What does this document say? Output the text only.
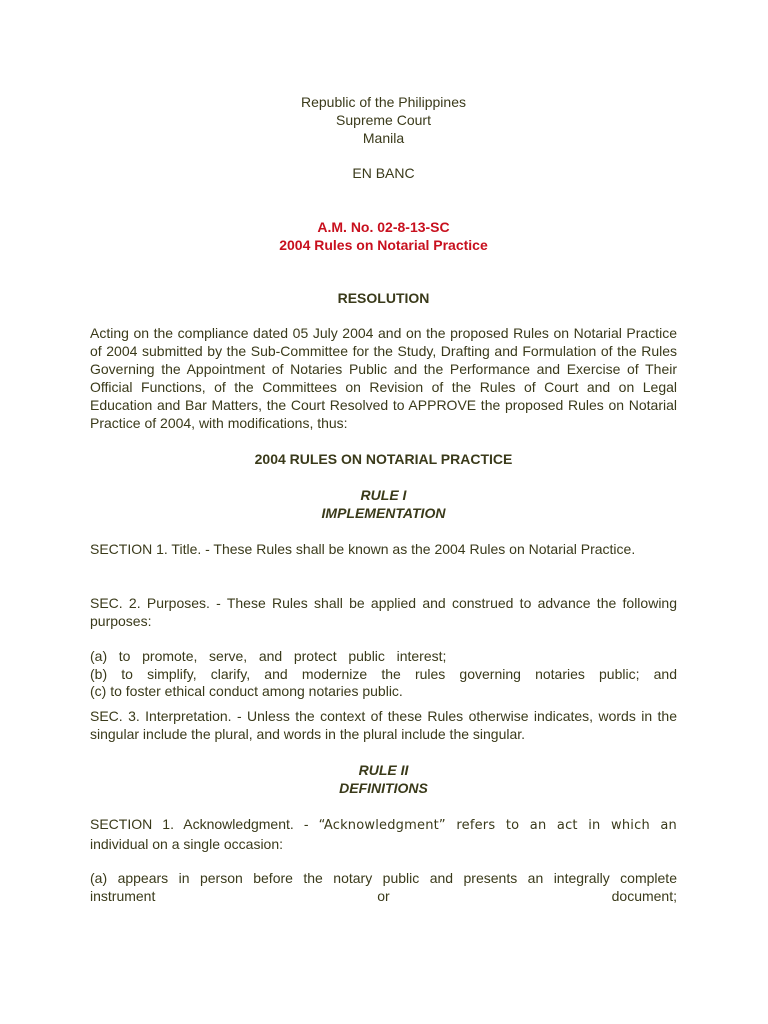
Republic of the Philippines
Supreme Court
Manila
EN BANC
A.M. No. 02-8-13-SC
2004 Rules on Notarial Practice
RESOLUTION
Acting on the compliance dated 05 July 2004 and on the proposed Rules on Notarial Practice of 2004 submitted by the Sub-Committee for the Study, Drafting and Formulation of the Rules Governing the Appointment of Notaries Public and the Performance and Exercise of Their Official Functions, of the Committees on Revision of the Rules of Court and on Legal Education and Bar Matters, the Court Resolved to APPROVE the proposed Rules on Notarial Practice of 2004, with modifications, thus:
2004 RULES ON NOTARIAL PRACTICE
RULE I
IMPLEMENTATION
SECTION 1. Title. - These Rules shall be known as the 2004 Rules on Notarial Practice.
SEC. 2. Purposes. - These Rules shall be applied and construed to advance the following purposes:
(a)   to   promote,   serve,   and   protect   public   interest;
(b) to simplify, clarify, and modernize the rules governing notaries public; and
(c) to foster ethical conduct among notaries public.
SEC. 3. Interpretation. - Unless the context of these Rules otherwise indicates, words in the singular include the plural, and words in the plural include the singular.
RULE II
DEFINITIONS
SECTION 1. Acknowledgment. - “Acknowledgment” refers to an act in which an
individual on a single occasion:
(a) appears in person before the notary public and presents an integrally complete
instrument	or	document;
